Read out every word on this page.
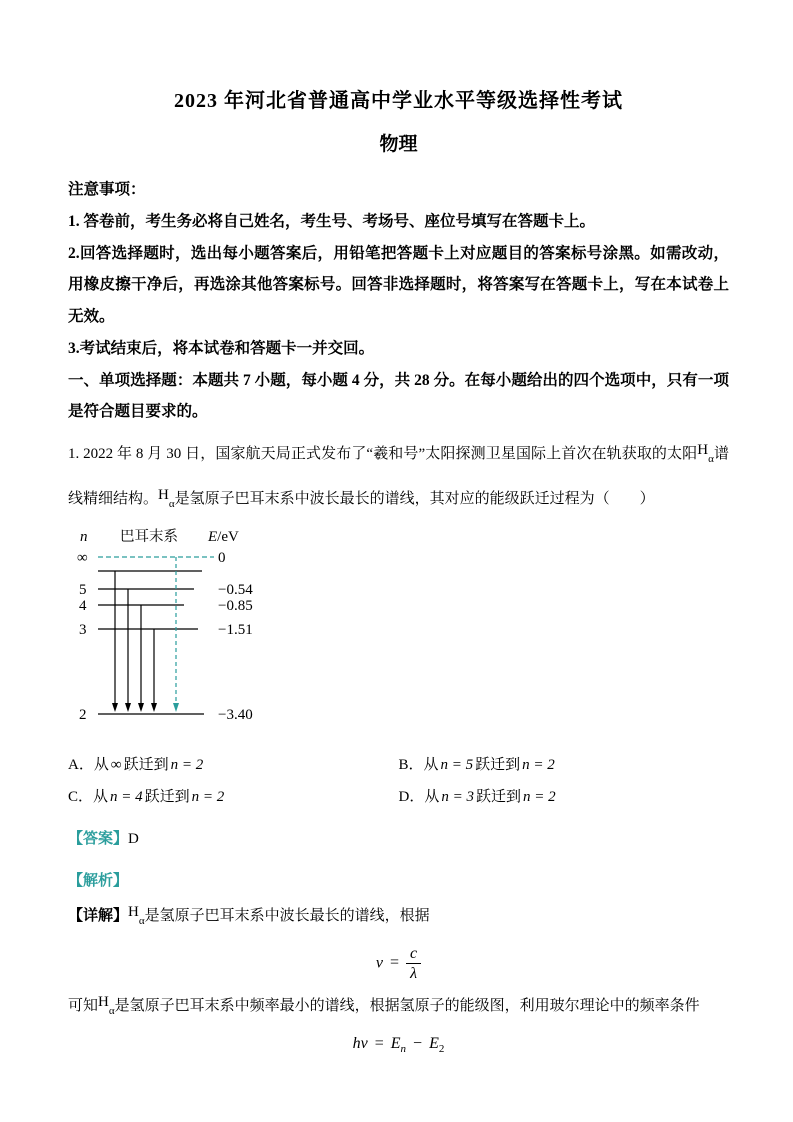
2023 年河北省普通高中学业水平等级选择性考试
物理

注意事项：

1. 答卷前，考生务必将自己姓名，考生号、考场号、座位号填写在答题卡上。

2.回答选择题时，选出每小题答案后，用铅笔把答题卡上对应题目的答案标号涂黑。如需改动，用橡皮擦干净后，再选涂其他答案标号。回答非选择题时，将答案写在答题卡上，写在本试卷上无效。

3.考试结束后，将本试卷和答题卡一并交回。

一、单项选择题：本题共 7 小题，每小题 4 分，共 28 分。在每小题给出的四个选项中，只有一项是符合题目要求的。

1. 2022 年 8 月 30 日，国家航天局正式发布了“羲和号”太阳探测卫星国际上首次在轨获取的太阳$H_\alpha$谱线精细结构。$H_\alpha$是氢原子巴耳末系中波长最长的谱线，其对应的能级跃迁过程为（　　）

n 巴耳末系 E/eV
∞
5
4
3
2
0
−0.54
−0.85
−1.51
−3.40
A．从 ∞ 跃迁到 n = 2	B．从 n = 5 跃迁到 n = 2
C．从 n = 4 跃迁到 n = 2	D．从 n = 3 跃迁到 n = 2

【答案】D

【解析】

【详解】$H_\alpha$是氢原子巴耳末系中波长最长的谱线，根据

$\nu = \frac{c}{\lambda}$

可知$H_\alpha$是氢原子巴耳末系中频率最小的谱线，根据氢原子的能级图，利用玻尔理论中的频率条件

$h\nu = E_n - E_2$
